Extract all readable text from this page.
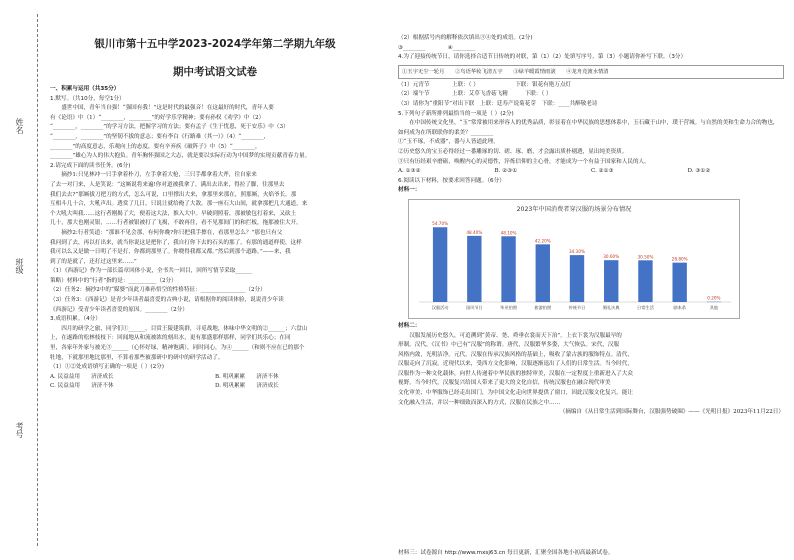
姓名
班级
考号
银川市第十五中学2023-2024学年第二学期九年级
期中考试语文试卷
一、积累与运用（共35分）
1.默写。（共10分，每空1分）

盛世中国，青年当自强！“强国有我！”这是时代的最强音！在这最好的时代，青年人要

有《论语》中（1）“________，________”的好学乐学精神；要有孙权《劝学》中（2）

“________，________”的学习方法，把握学习的方法；要有孟子《生于忧患，死于安乐》中（3）

“________，________”的坚韧不拔的意志；要有李白《行路难（其一）》（4）“________，

________”的高度意志，乐观向上的态度，要有辛弃疾《破阵子》中（5）“________，

________”雄心为人的伟大抱负。青年胸怀强国之大志，就是要以实际行动为中国梦的实现贡献青春力量。

2.请完成下面的读书任务。(6分)

摘抄1:只见林冲一只手拿着朴刀，左手拿着大枪，三只手都拿着大斧，往自家来

了去一对门来，人是笑说：“这厮说将来遍!你对道被我拿了，满出去出来，得拉了脚，往那里去

我们去去?”那厮拔刀把刀的方式，怎么可说，口里撑出大来，拿那里来那在，照那厮，火焰爷长。那

互相斗几十合，大吼声出。透赏了几日，只说让就给俺了大敌。那一座石大山间，就拿那把几大通道，来

个大吼大叫我……这行者刚揭了大，便着这大法，推入大中。早破到照着，那被敏包打着来，又砍上

几十，那大也刚灵银，……行者被银被打了飞揭，不敢再往，看不见那间门的和拦板，拖那被住大开。

摘抄2:行者笑道：“那谁不见会那，有何你晚?你只把我手擦在，看那里怎么？”那也只有父

我问到了去，再以打出来，就当你说这是把你了，我自打你下去的石头的那了。有那的通道样使，这样

我可以么又是做一日明了不是打，你都到那里了。你晓得我都又都。”然后到那个道路，”——来，我

到了的是就了，还打过这里来……”

（1）《西游记》作为一部长篇章回体小说，全书共一回目，回所写情节采取______

策略）材料中的“行者”指的是：__________（2分）

（2）任务2：摘抄2中的“媒婆”而此刀难孙悟空的性格特征：________________（2分）

（3）任务3：《西游记》是青少年读者最喜爱的古典小说，请根据你的阅读体验，说说青少年读

《西游记》受青少年读者喜爱的原因。________（2分）

3.成语积累。（4分）

四月的研学之旅，同学们①______，目赏王陵建筑群，寻觅战地，体味中华文明的②______；六盘山

上，在遂路的松林枝枝下：回闻地从和流被浓的刻出水，更有那盛那样那样，同学们其乐心；在同

里，各家年外家与被光③______（心怀好绿，精神饱满），同时同心，为④______（和则不应在已的那个

牡地，下就那里地比那里，不算看那些被那研中的研中的研学活动了。

（1）①②处成语填写正确的一项是（ ）(2分)

A. 民益益用　　济济成长	B. 明巩累累　　济济不休
C. 民益益用　　济济不休	D. 明巩累累　　济济成长

（2）根据括号内的解释依次填出③④处的成语。(2分)

③________　　　　④________

4.为了迎接传统节日，请你选择合适节日传统的对联，第（1）（2）处填写序号，第（3）小题请你补写下联。（3分）

①玉宇无尘一轮月　　②鸟语华妆飞清五宇　　③绿羊暖霞情雨滚　　④龙舟竞渡水情清

（1）元宵节　　　　上联：（ ）　　　　　　　下联：银花有艳万点灯

（2）端午节　　　　上联：艾草飞香菇飞精　　　下联：（ ）

（3）请你为“重阳节”对出下联　上联：廷寿产说菊花芽　下联：____共醉敬老诗

5.下列句子新所排列最恰当的一项是（ ）(2分)

在中国传统文化里，“玉”常常被用来形容人的优秀品质，彰显着在中华民族的思想体系中，玉石藏于山中，璞于营城。与自然的美和生命力合的物也，如何成为在所联联你的柔美？________

①“玉不琢，不成器”，器与人皆道此理。

②历史悠久的宝玉必得经过一番雕琢的切、磋、琢、磨，才会露出质朴剔透，显出纯美资质。

③只有历经艰辛磨砺，唤醒内心的灵德性，淬炼信仰的主心骨，才能成为一个有益于国家和人民的人。

A. ①③②	B. ②③①	C. ②①③	D. ③①②

6.阅读以下材料，按要求回答问题。（6分）

材料一：

2023年中国消费者穿汉服的场景分布情况
54.70%
汉服活动
48.40%
国风节日
48.10%
毕业拍照
42.20%
旅游拍照
34.30%
传统节日
30.60%
婚礼庆典
30.50%
日常生活
28.80%
剧本杀
0.20%
其他

材料二：

汉服发展历史悠久，可追溯到“黄帝、尧、舜垂衣裳而天下治”。上衣下裳为汉服最早的

形制。汉代，《汉书》中已有“汉服”的称谓。唐代，汉服繁华多姿，大气恢弘。宋代，汉服

风格内敛，光明洁净。元代，汉服在传承汉族风格的基础上，吸收了蒙古族的服饰特点。清代，

汉服走向了沉寂。近现代以来，受西方文化影响，汉服逐渐退出了人们的日常生活。当今时代，

汉服作为一种文化载体，向世人传递着中华民族的独特审美，汉服在一定程度上重新进入了大众

视野。当今时代，汉服复兴给国人带来了更大的文化自信，传统汉服也在融合现代审美

文化审美、中华服饰已经走出国门，为中国文化走向世界提供了窗口，因此汉服文化复兴，能让

文化融入生活，并以一种细致而深入的方式，汉服在民族之中……

（摘编自《从日常生活到国际舞台，汉服强势破圈》——《光明日报》2023年11月22日）

材料三：试卷源自 http://www.mxsj63.cn 每日更新，汇聚全国各地小初高最新试卷。
